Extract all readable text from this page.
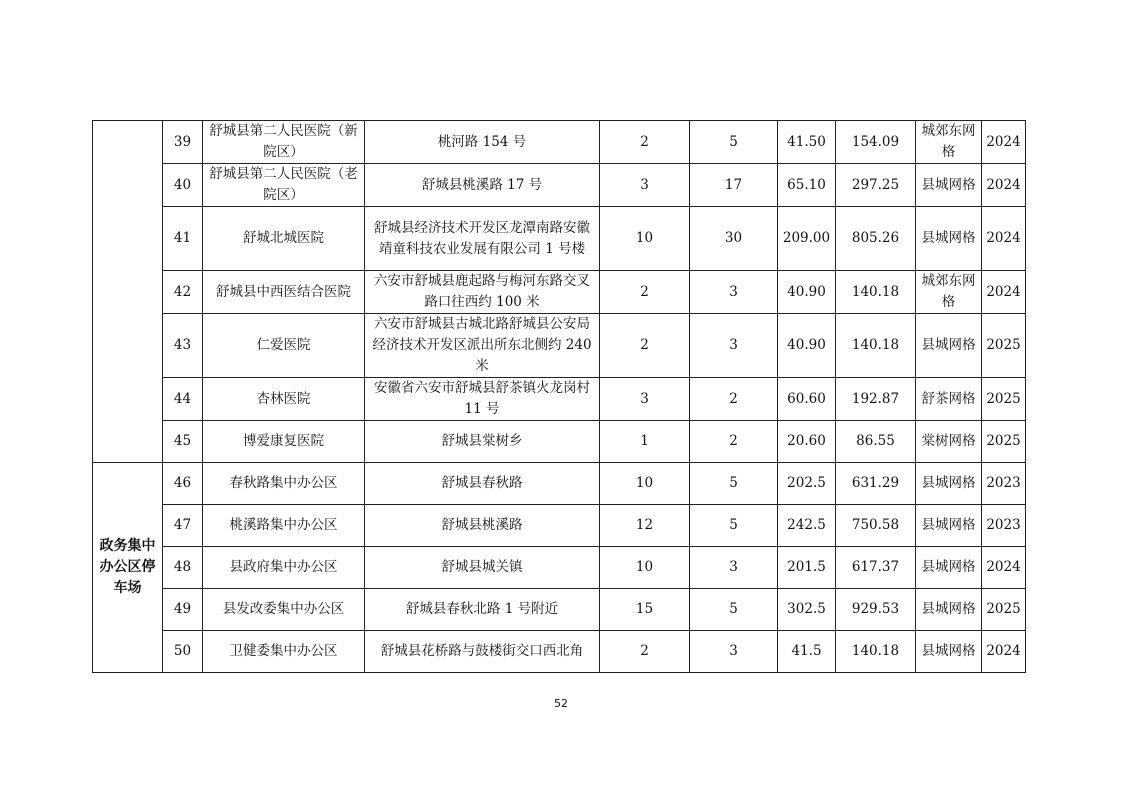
	39	舒城县第二人民医院（新院区）	桃河路 154 号	2	5	41.50	154.09	城郊东网格	2024
	40	舒城县第二人民医院（老院区）	舒城县桃溪路 17 号	3	17	65.10	297.25	县城网格	2024
	41	舒城北城医院	舒城县经济技术开发区龙潭南路安徽靖童科技农业发展有限公司 1 号楼	10	30	209.00	805.26	县城网格	2024
	42	舒城县中西医结合医院	六安市舒城县鹿起路与梅河东路交叉路口往西约 100 米	2	3	40.90	140.18	城郊东网格	2024
	43	仁爱医院	六安市舒城县古城北路舒城县公安局经济技术开发区派出所东北侧约 240 米	2	3	40.90	140.18	县城网格	2025
	44	杏林医院	安徽省六安市舒城县舒茶镇火龙岗村 11 号	3	2	60.60	192.87	舒茶网格	2025
	45	博爱康复医院	舒城县棠树乡	1	2	20.60	86.55	棠树网格	2025
政务集中办公区停车场	46	春秋路集中办公区	舒城县春秋路	10	5	202.5	631.29	县城网格	2023
	47	桃溪路集中办公区	舒城县桃溪路	12	5	242.5	750.58	县城网格	2023
	48	县政府集中办公区	舒城县城关镇	10	3	201.5	617.37	县城网格	2024
	49	县发改委集中办公区	舒城县春秋北路 1 号附近	15	5	302.5	929.53	县城网格	2025
	50	卫健委集中办公区	舒城县花桥路与鼓楼街交口西北角	2	3	41.5	140.18	县城网格	2024
52
